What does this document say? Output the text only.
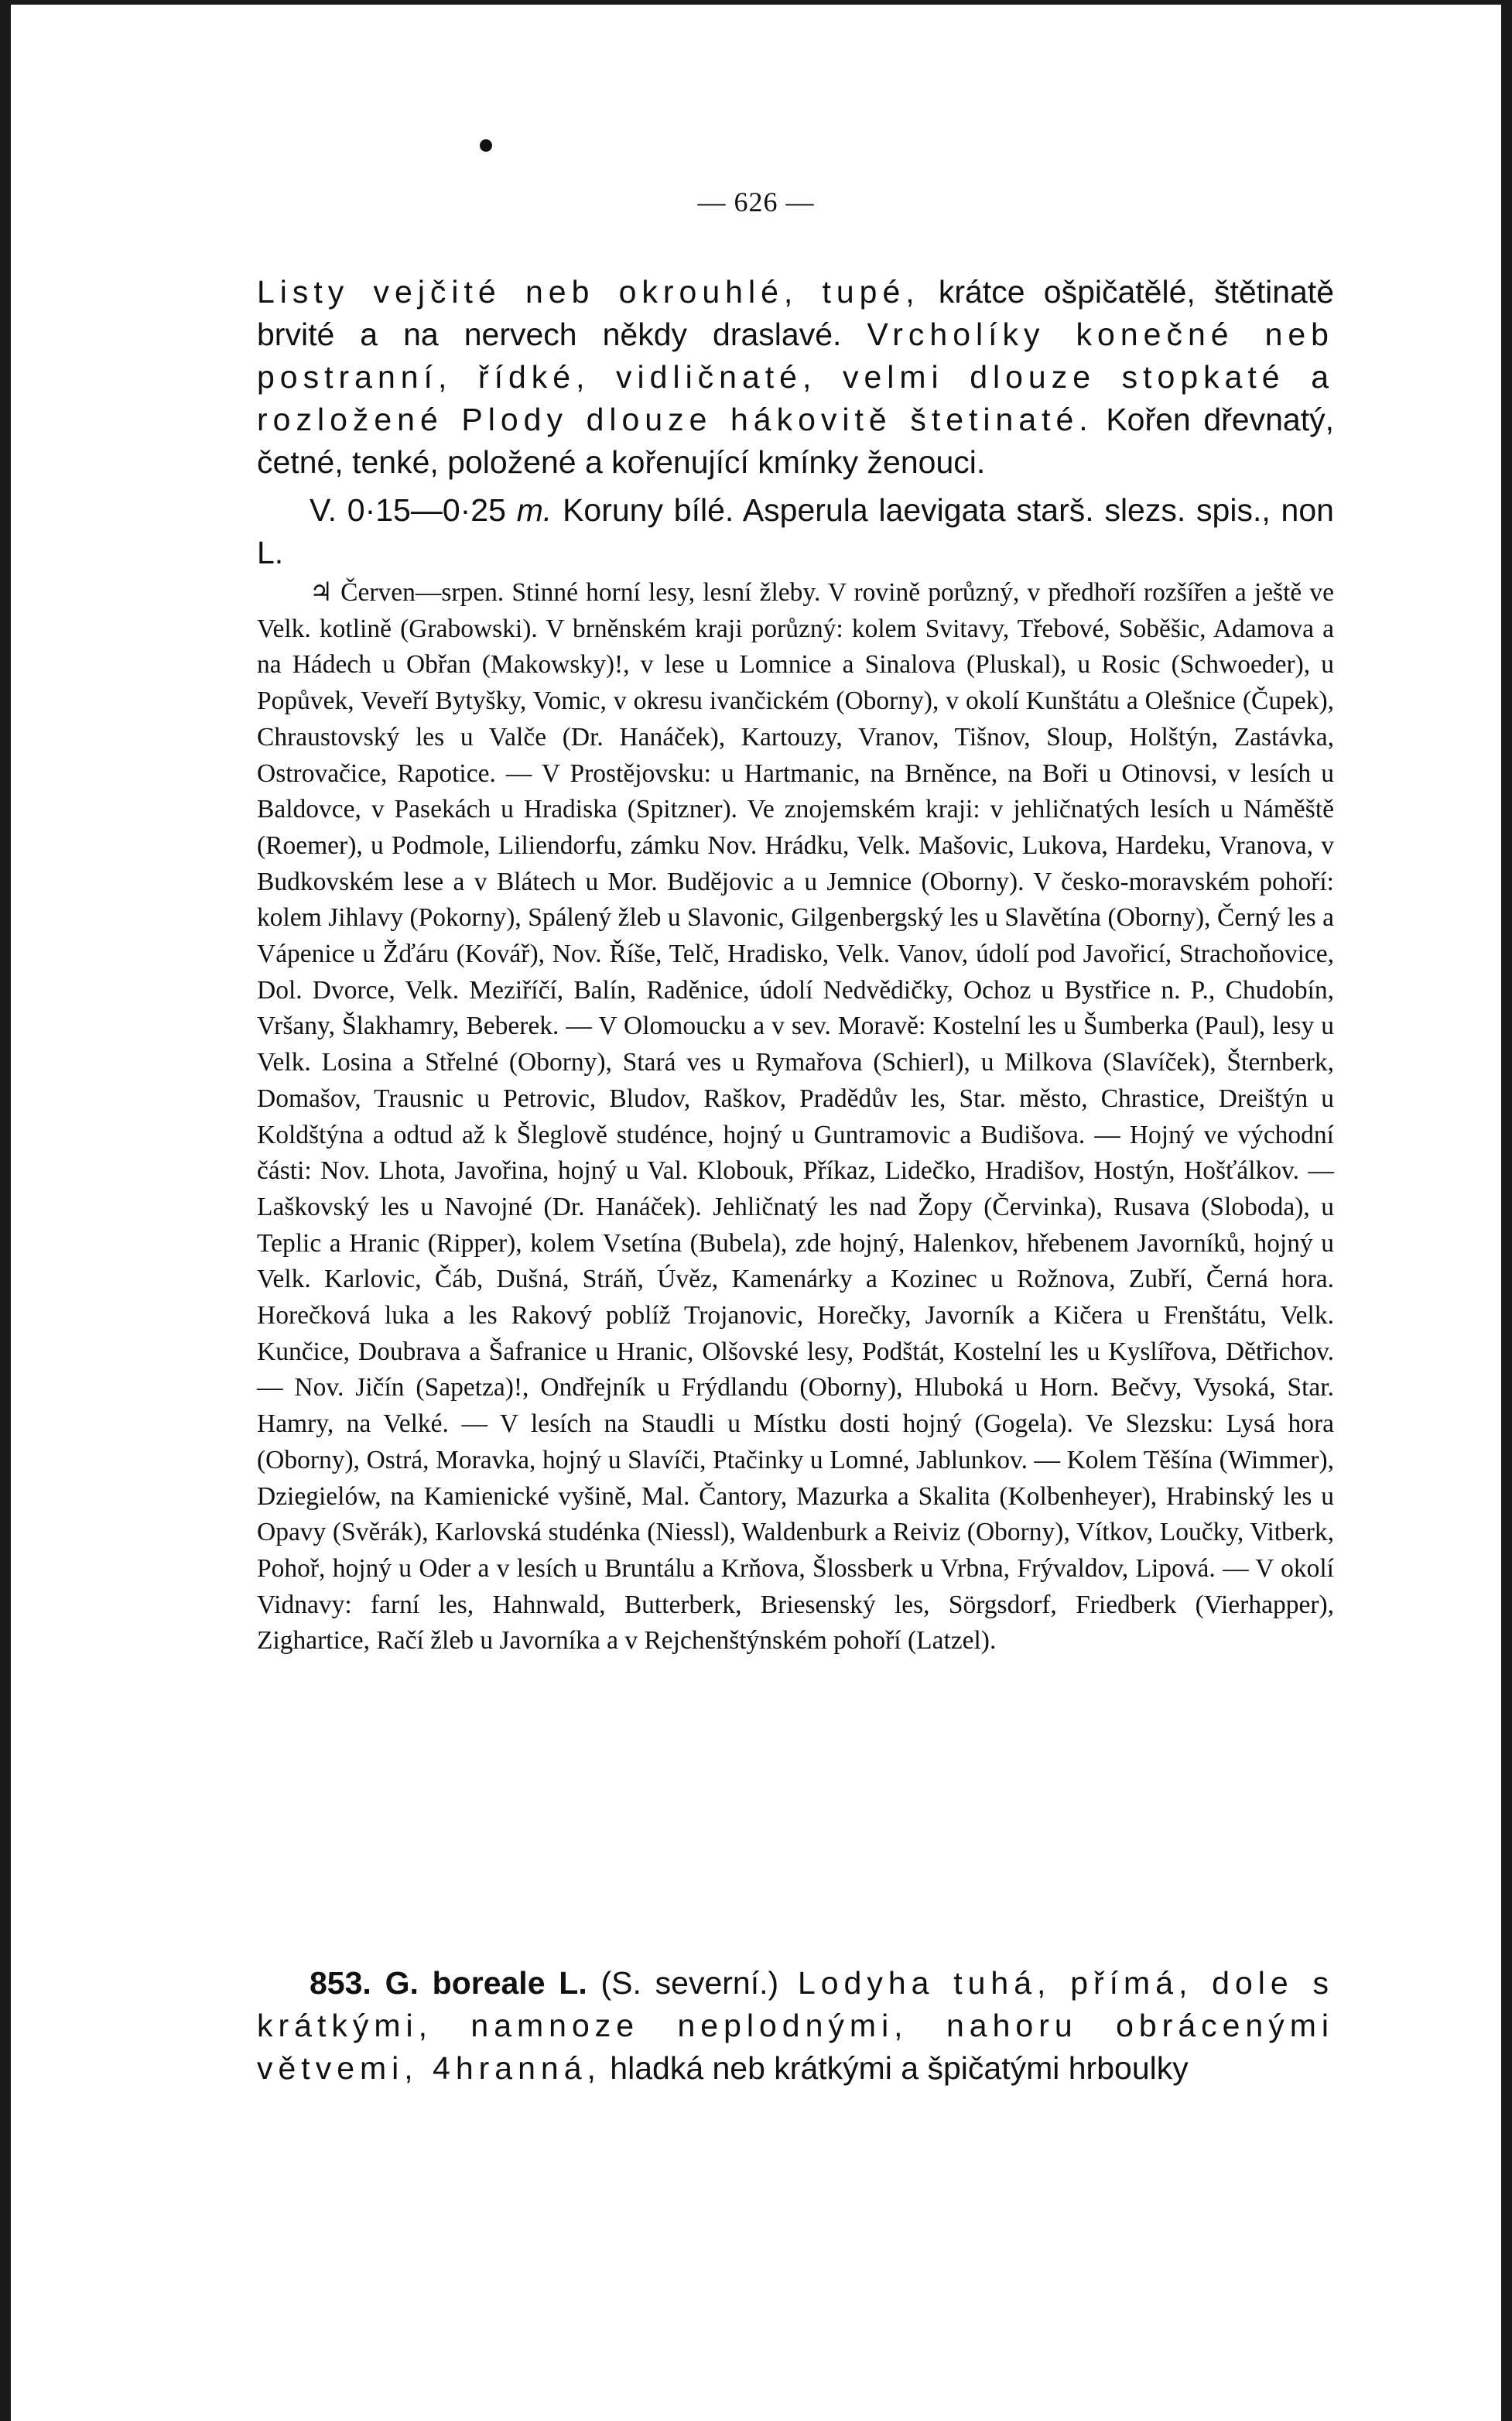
— 626 —
Listy vejčité neb okrouhlé, tupé, krátce ošpičatělé, štětinatě brvité a na nervech někdy draslavé. Vrcholíky konečné neb postranní, řídké, vidličnaté, velmi dlouze stopkaté a rozložené Plody dlouze hákovitě štetinaté. Kořen dřevnatý, četné, tenké, položené a kořenující kmínky ženouci.
V. 0·15—0·25 m. Koruny bílé. Asperula laevigata starš. slezs. spis., non L.
♃ Červen—srpen. Stinné horní lesy, lesní žleby. V rovině porůzný, v předhoří rozšířen a ještě ve Velk. kotlině (Grabowski). V brněnském kraji porůzný: kolem Svitavy, Třebové, Soběšic, Adamova a na Hádech u Obřan (Makowsky)!, v lese u Lomnice a Sinalova (Pluskal), u Rosic (Schwoeder), u Popůvek, Veveří Bytyšky, Vomic, v okresu ivančickém (Oborny), v okolí Kunštátu a Olešnice (Čupek), Chraustovský les u Valče (Dr. Hanáček), Kartouzy, Vranov, Tišnov, Sloup, Holštýn, Zastávka, Ostrovačice, Rapotice. — V Prostějovsku: u Hartmanic, na Brněnce, na Boři u Otinovsi, v lesích u Baldovce, v Pasekách u Hradiska (Spitzner). Ve znojemském kraji: v jehličnatých lesích u Náměště (Roemer), u Podmole, Liliendorfu, zámku Nov. Hrádku, Velk. Mašovic, Lukova, Hardeku, Vranova, v Budkovském lese a v Blátech u Mor. Budějovic a u Jemnice (Oborny). V česko-moravském pohoří: kolem Jihlavy (Pokorny), Spálený žleb u Slavonic, Gilgenbergský les u Slavětína (Oborny), Černý les a Vápenice u Žďáru (Kovář), Nov. Říše, Telč, Hradisko, Velk. Vanov, údolí pod Javořicí, Strachoňovice, Dol. Dvorce, Velk. Meziříčí, Balín, Raděnice, údolí Nedvědičky, Ochoz u Bystřice n. P., Chudobín, Vršany, Šlakhamry, Beberek. — V Olomoucku a v sev. Moravě: Kostelní les u Šumberka (Paul), lesy u Velk. Losina a Střelné (Oborny), Stará ves u Rymařova (Schierl), u Milkova (Slavíček), Šternberk, Domašov, Trausnic u Petrovic, Bludov, Raškov, Pradědův les, Star. město, Chrastice, Dreištýn u Koldštýna a odtud až k Šleglově studénce, hojný u Guntramovic a Budišova. — Hojný ve východní části: Nov. Lhota, Javořina, hojný u Val. Klobouk, Příkaz, Lidečko, Hradišov, Hostýn, Hošťálkov. — Laškovský les u Navojné (Dr. Hanáček). Jehličnatý les nad Žopy (Červinka), Rusava (Sloboda), u Teplic a Hranic (Ripper), kolem Vsetína (Bubela), zde hojný, Halenkov, hřebenem Javorníků, hojný u Velk. Karlovic, Čáb, Dušná, Stráň, Úvěz, Kamenárky a Kozinec u Rožnova, Zubří, Černá hora. Horečková luka a les Rakový poblíž Trojanovic, Horečky, Javorník a Kičera u Frenštátu, Velk. Kunčice, Doubrava a Šafranice u Hranic, Olšovské lesy, Podštát, Kostelní les u Kyslířova, Dětřichov. — Nov. Jičín (Sapetza)!, Ondřejník u Frýdlandu (Oborny), Hluboká u Horn. Bečvy, Vysoká, Star. Hamry, na Velké. — V lesích na Staudli u Místku dosti hojný (Gogela). Ve Slezsku: Lysá hora (Oborny), Ostrá, Moravka, hojný u Slavíči, Ptačinky u Lomné, Jablunkov. — Kolem Těšína (Wimmer), Dziegielów, na Kamienické vyšině, Mal. Čantory, Mazurka a Skalita (Kolbenheyer), Hrabinský les u Opavy (Svěrák), Karlovská studénka (Niessl), Waldenburk a Reiviz (Oborny), Vítkov, Loučky, Vitberk, Pohoř, hojný u Oder a v lesích u Bruntálu a Krňova, Šlossberk u Vrbna, Frývaldov, Lipová. — V okolí Vidnavy: farní les, Hahnwald, Butterberk, Briesenský les, Sörgsdorf, Friedberk (Vierhapper), Zighartice, Račí žleb u Javorníka a v Rejchenštýnském pohoří (Latzel).
853. G. boreale L. (S. severní.) Lodyha tuhá, přímá, dole s krátkými, namnoze neplodnými, nahoru obrácenými větvemi, 4hranná, hladká neb krátkými a špičatými hrboulky
